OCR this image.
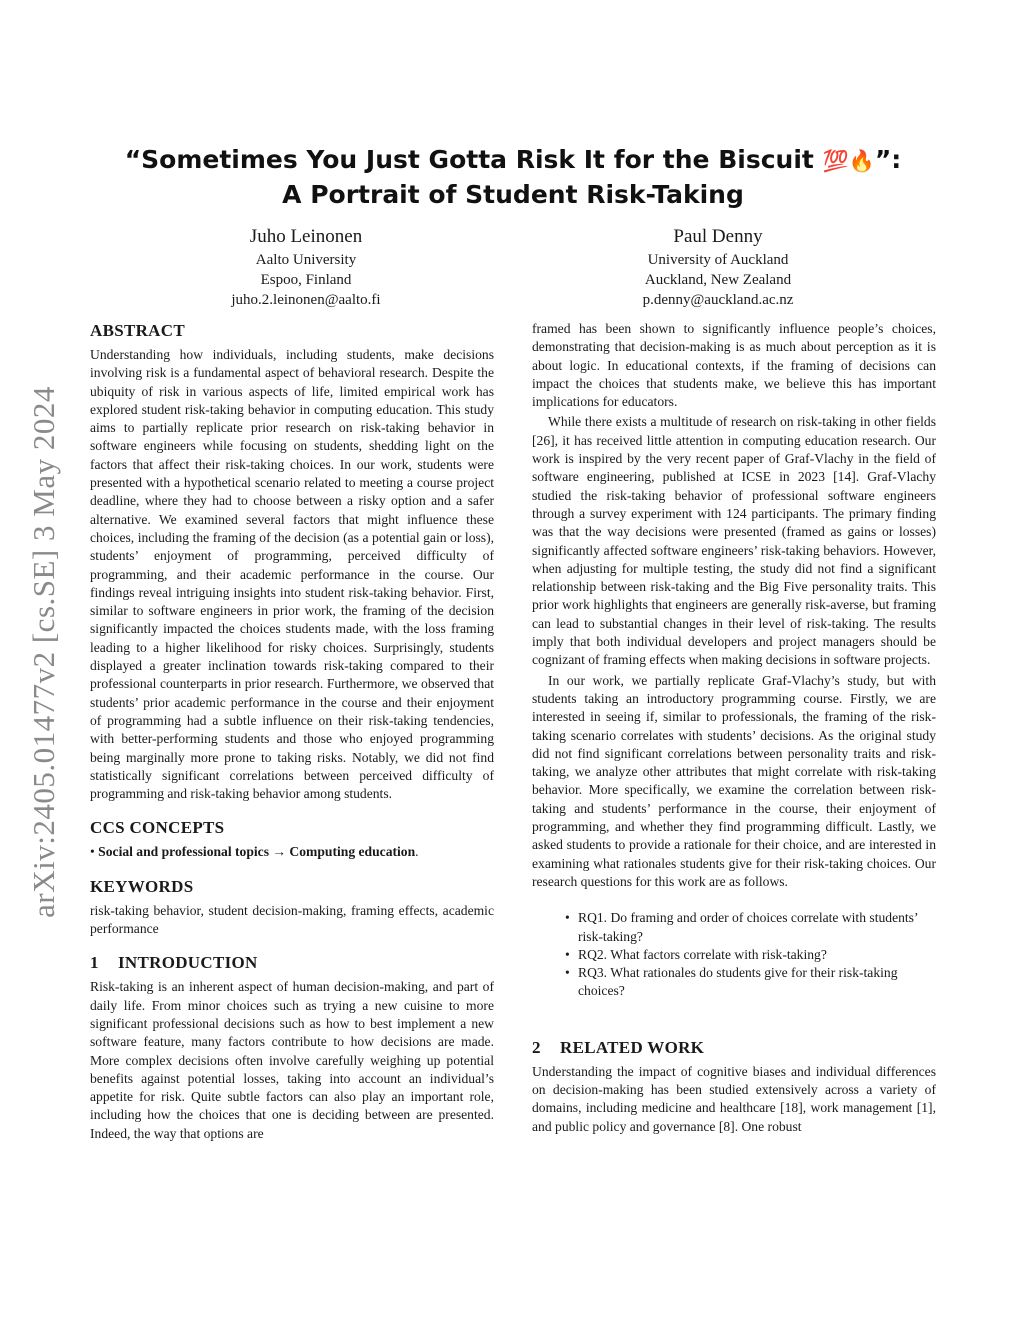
arXiv:2405.01477v2 [cs.SE] 3 May 2024
“Sometimes You Just Gotta Risk It for the Biscuit 💯🔥”:
A Portrait of Student Risk-Taking
Juho Leinonen
Aalto University
Espoo, Finland
juho.2.leinonen@aalto.fi
Paul Denny
University of Auckland
Auckland, New Zealand
p.denny@auckland.ac.nz
ABSTRACT

Understanding how individuals, including students, make decisions involving risk is a fundamental aspect of behavioral research. Despite the ubiquity of risk in various aspects of life, limited empirical work has explored student risk-taking behavior in computing education. This study aims to partially replicate prior research on risk-taking behavior in software engineers while focusing on students, shedding light on the factors that affect their risk-taking choices. In our work, students were presented with a hypothetical scenario related to meeting a course project deadline, where they had to choose between a risky option and a safer alternative. We examined several factors that might influence these choices, including the framing of the decision (as a potential gain or loss), students’ enjoyment of programming, perceived difficulty of programming, and their academic performance in the course. Our findings reveal intriguing insights into student risk-taking behavior. First, similar to software engineers in prior work, the framing of the decision significantly impacted the choices students made, with the loss framing leading to a higher likelihood for risky choices. Surprisingly, students displayed a greater inclination towards risk-taking compared to their professional counterparts in prior research. Furthermore, we observed that students’ prior academic performance in the course and their enjoyment of programming had a subtle influence on their risk-taking tendencies, with better-performing students and those who enjoyed programming being marginally more prone to taking risks. Notably, we did not find statistically significant correlations between perceived difficulty of programming and risk-taking behavior among students.

CCS CONCEPTS

• Social and professional topics → Computing education.

KEYWORDS

risk-taking behavior, student decision-making, framing effects, academic performance

1 INTRODUCTION

Risk-taking is an inherent aspect of human decision-making, and part of daily life. From minor choices such as trying a new cuisine to more significant professional decisions such as how to best implement a new software feature, many factors contribute to how decisions are made. More complex decisions often involve carefully weighing up potential benefits against potential losses, taking into account an individual’s appetite for risk. Quite subtle factors can also play an important role, including how the choices that one is deciding between are presented. Indeed, the way that options are

framed has been shown to significantly influence people’s choices, demonstrating that decision-making is as much about perception as it is about logic. In educational contexts, if the framing of decisions can impact the choices that students make, we believe this has important implications for educators.

While there exists a multitude of research on risk-taking in other fields [26], it has received little attention in computing education research. Our work is inspired by the very recent paper of Graf-Vlachy in the field of software engineering, published at ICSE in 2023 [14]. Graf-Vlachy studied the risk-taking behavior of professional software engineers through a survey experiment with 124 participants. The primary finding was that the way decisions were presented (framed as gains or losses) significantly affected software engineers’ risk-taking behaviors. However, when adjusting for multiple testing, the study did not find a significant relationship between risk-taking and the Big Five personality traits. This prior work highlights that engineers are generally risk-averse, but framing can lead to substantial changes in their level of risk-taking. The results imply that both individual developers and project managers should be cognizant of framing effects when making decisions in software projects.

In our work, we partially replicate Graf-Vlachy’s study, but with students taking an introductory programming course. Firstly, we are interested in seeing if, similar to professionals, the framing of the risk-taking scenario correlates with students’ decisions. As the original study did not find significant correlations between personality traits and risk-taking, we analyze other attributes that might correlate with risk-taking behavior. More specifically, we examine the correlation between risk-taking and students’ performance in the course, their enjoyment of programming, and whether they find programming difficult. Lastly, we asked students to provide a rationale for their choice, and are interested in examining what rationales students give for their risk-taking choices. Our research questions for this work are as follows.

• RQ1. Do framing and order of choices correlate with students’ risk-taking?
• RQ2. What factors correlate with risk-taking?
• RQ3. What rationales do students give for their risk-taking choices?
2 RELATED WORK

Understanding the impact of cognitive biases and individual differences on decision-making has been studied extensively across a variety of domains, including medicine and healthcare [18], work management [1], and public policy and governance [8]. One robust
